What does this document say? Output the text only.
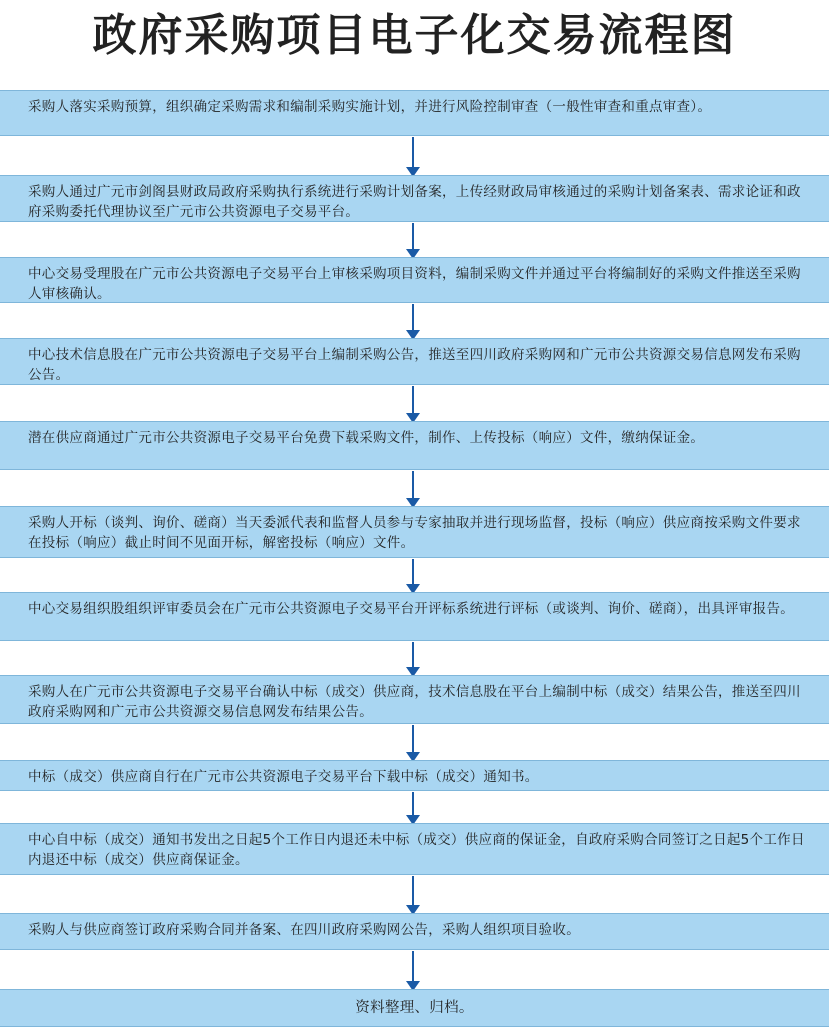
政府采购项目电子化交易流程图
采购人落实采购预算，组织确定采购需求和编制采购实施计划，并进行风险控制审查（一般性审查和重点审查）。
采购人通过广元市剑阁县财政局政府采购执行系统进行采购计划备案，上传经财政局审核通过的采购计划备案表、需求论证和政府采购委托代理协议至广元市公共资源电子交易平台。
中心交易受理股在广元市公共资源电子交易平台上审核采购项目资料，编制采购文件并通过平台将编制好的采购文件推送至采购人审核确认。
中心技术信息股在广元市公共资源电子交易平台上编制采购公告，推送至四川政府采购网和广元市公共资源交易信息网发布采购公告。
潜在供应商通过广元市公共资源电子交易平台免费下载采购文件，制作、上传投标（响应）文件，缴纳保证金。
采购人开标（谈判、询价、磋商）当天委派代表和监督人员参与专家抽取并进行现场监督，投标（响应）供应商按采购文件要求在投标（响应）截止时间不见面开标，解密投标（响应）文件。
中心交易组织股组织评审委员会在广元市公共资源电子交易平台开评标系统进行评标（或谈判、询价、磋商），出具评审报告。
采购人在广元市公共资源电子交易平台确认中标（成交）供应商，技术信息股在平台上编制中标（成交）结果公告，推送至四川政府采购网和广元市公共资源交易信息网发布结果公告。
中标（成交）供应商自行在广元市公共资源电子交易平台下载中标（成交）通知书。
中心自中标（成交）通知书发出之日起5个工作日内退还未中标（成交）供应商的保证金，自政府采购合同签订之日起5个工作日内退还中标（成交）供应商保证金。
采购人与供应商签订政府采购合同并备案、在四川政府采购网公告，采购人组织项目验收。
资料整理、归档。
